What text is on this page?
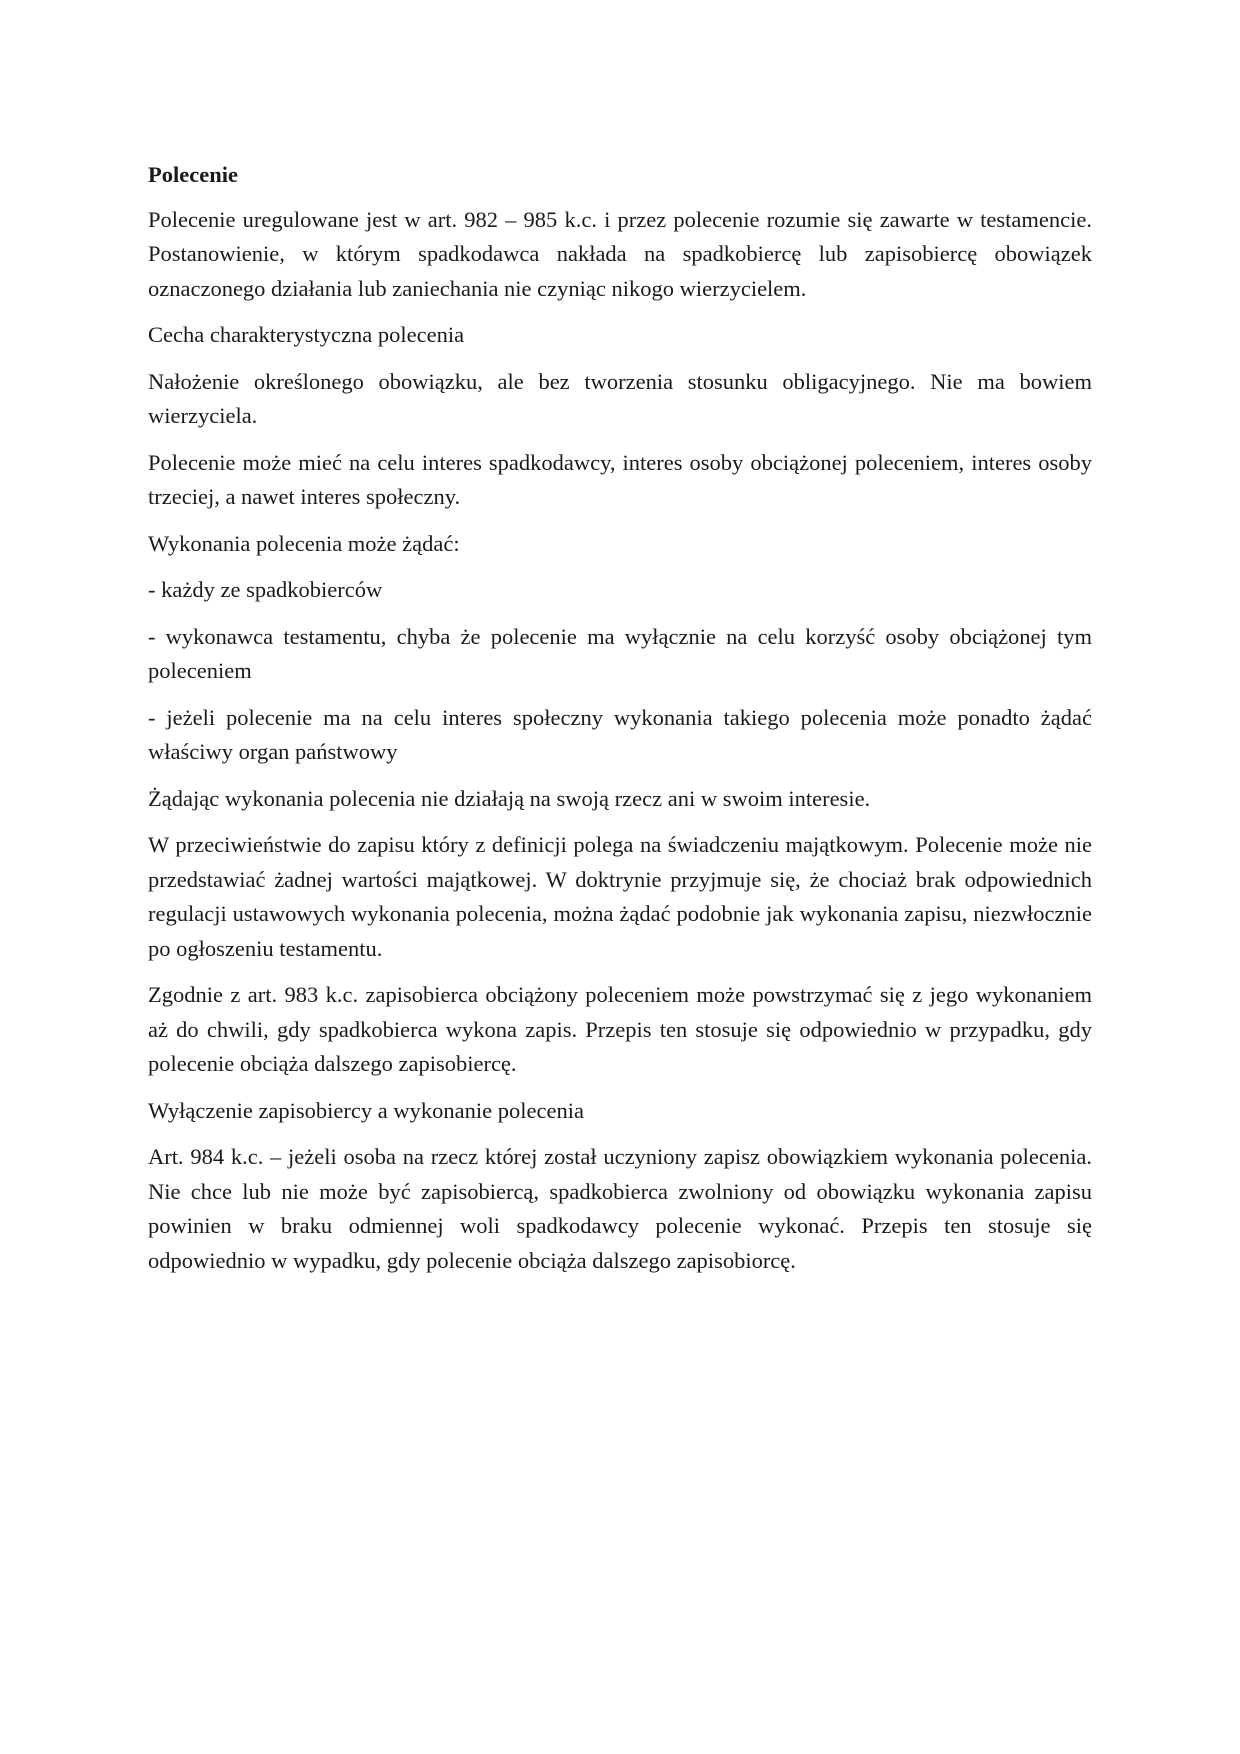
Polecenie

Polecenie uregulowane jest w art. 982 – 985 k.c. i przez polecenie rozumie się zawarte w testamencie. Postanowienie, w którym spadkodawca nakłada na spadkobiercę lub zapisobiercę obowiązek oznaczonego działania lub zaniechania nie czyniąc nikogo wierzycielem.

Cecha charakterystyczna polecenia

Nałożenie określonego obowiązku, ale bez tworzenia stosunku obligacyjnego. Nie ma bowiem wierzyciela.

Polecenie może mieć na celu interes spadkodawcy, interes osoby obciążonej poleceniem, interes osoby trzeciej, a nawet interes społeczny.

Wykonania polecenia może żądać:

- każdy ze spadkobierców

- wykonawca testamentu, chyba że polecenie ma wyłącznie na celu korzyść osoby obciążonej tym poleceniem

- jeżeli polecenie ma na celu interes społeczny wykonania takiego polecenia może ponadto żądać właściwy organ państwowy

Żądając wykonania polecenia nie działają na swoją rzecz ani w swoim interesie.

W przeciwieństwie do zapisu który z definicji polega na świadczeniu majątkowym. Polecenie może nie przedstawiać żadnej wartości majątkowej. W doktrynie przyjmuje się, że chociaż brak odpowiednich regulacji ustawowych wykonania polecenia, można żądać podobnie jak wykonania zapisu, niezwłocznie po ogłoszeniu testamentu.

Zgodnie z art. 983 k.c. zapisobierca obciążony poleceniem może powstrzymać się z jego wykonaniem aż do chwili, gdy spadkobierca wykona zapis. Przepis ten stosuje się odpowiednio w przypadku, gdy polecenie obciąża dalszego zapisobiercę.

Wyłączenie zapisobiercy a wykonanie polecenia

Art. 984 k.c. – jeżeli osoba na rzecz której został uczyniony zapisz obowiązkiem wykonania polecenia. Nie chce lub nie może być zapisobiercą, spadkobierca zwolniony od obowiązku wykonania zapisu powinien w braku odmiennej woli spadkodawcy polecenie wykonać. Przepis ten stosuje się odpowiednio w wypadku, gdy polecenie obciąża dalszego zapisobiorcę.
